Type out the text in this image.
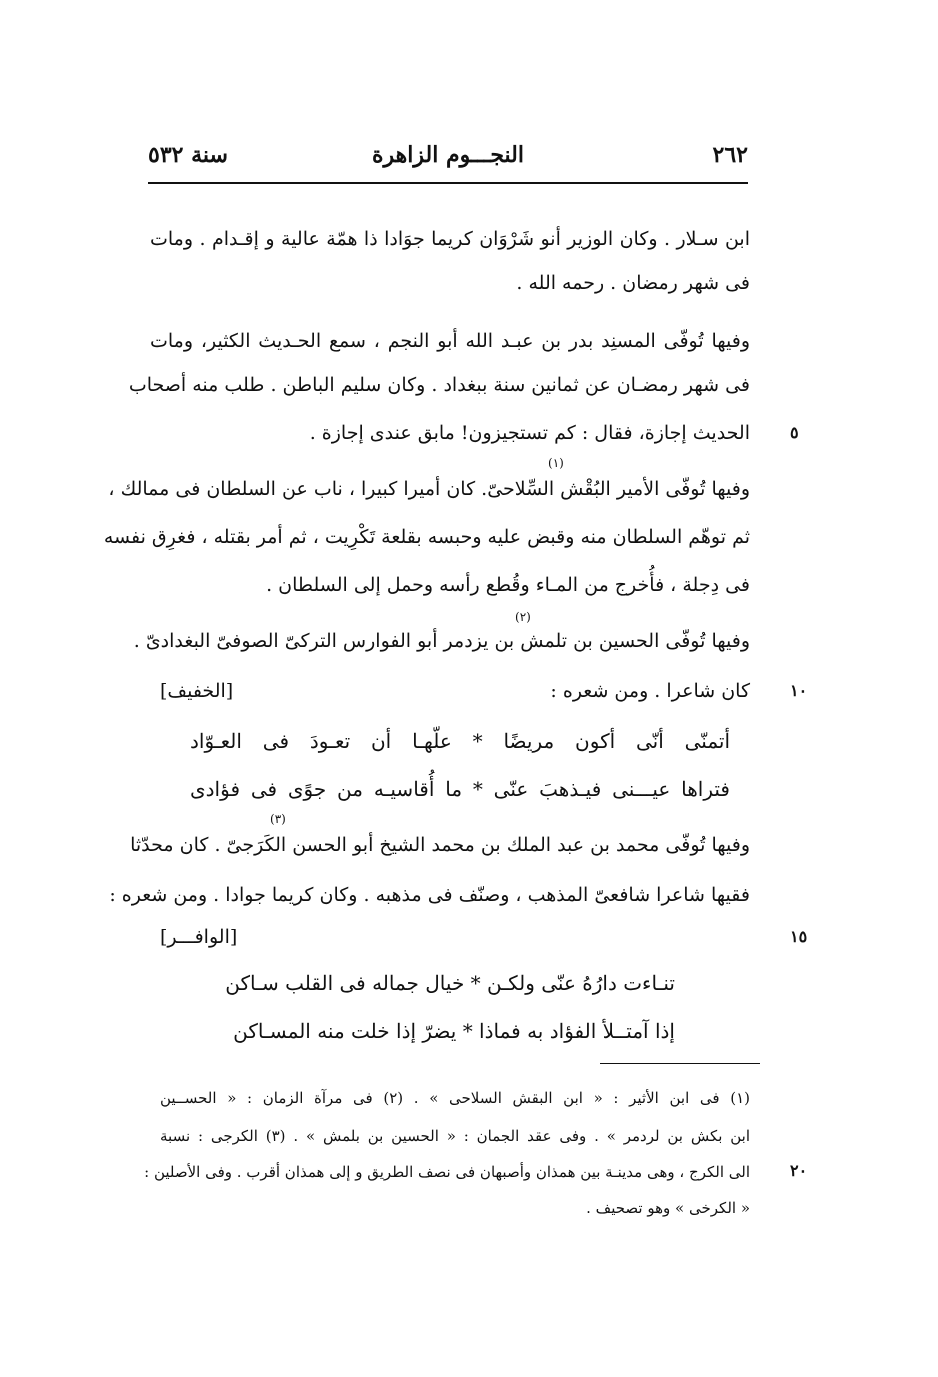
٢٦٢
النجـــوم الزاهرة
سنة ٥٣٢
ابن سـلار . وكان الوزير أنو شَرْوَان كريما جوَادا ذا همّة عالية و إقـدام . ومات
فى شهر رمضان . رحمه الله .
وفيها تُوفّى المسنِد بدر بن عبـد الله أبو النجم ، سمع الحـديث الكثير، ومات
فى شهر رمضـان عن ثمانين سنة ببغداد . وكان سليم الباطن . طلب منه أصحاب
الحديث إجازة، فقال : كم تستجيزون! مابق عندى إجازة .	٥
(١)
وفيها تُوفّى الأمير البُقْش السِّلاحىّ. كان أميرا كبيرا ، ناب عن السلطان فى ممالك ،
ثم توهّم السلطان منه وقبض عليه وحبسه بقلعة تَكْرِيت ، ثم أمر بقتله ، فغرِق نفسه
فى دِجلة ، فأُخرج من المـاء وقُطع رأسه وحمل إلى السلطان .
(٢)
وفيها تُوفّى الحسين بن تلمش بن يزدمر أبو الفوارس التركىّ الصوفىّ البغدادىّ .
كان شاعرا . ومن شعره :
[الخفيف]	١٠
أتمنّى أنّى أكون مريضًا * علّهـا أن تعـودَ فى العـوّاد
فتراها عيـــنى فيـذهبَ عنّى * ما أُقاسيـه من جوًى فى فؤادى
(٣)
وفيها تُوفّى محمد بن عبد الملك بن محمد الشيخ أبو الحسن الكَرَجىّ . كان محدّثا
فقيها شاعرا شافعىّ المذهب ، وصنّف فى مذهبه . وكان كريما جوادا . ومن شعره :
[الوافـــر]	١٥
تنـاءت دارُهُ عنّى ولكـن * خيال جماله فى القلب سـاكن
إذا آمتــلأ الفؤاد به فماذا * يضرّ إذا خلت منه المسـاكن
(١) فى ابن الأثير : « ابن البقش السلاحى » . (٢) فى مرآة الزمان : « الحســين
ابن بكش بن لردمر » . وفى عقد الجمان : « الحسين بن بلمش » . (٣) الكرجى : نسبة
الى الكرج ، وهى مدينـة بين همذان وأصبهان فى نصف الطريق و إلى همذان أقرب . وفى الأصلين :	٢٠
« الكرخى » وهو تصحيف .
